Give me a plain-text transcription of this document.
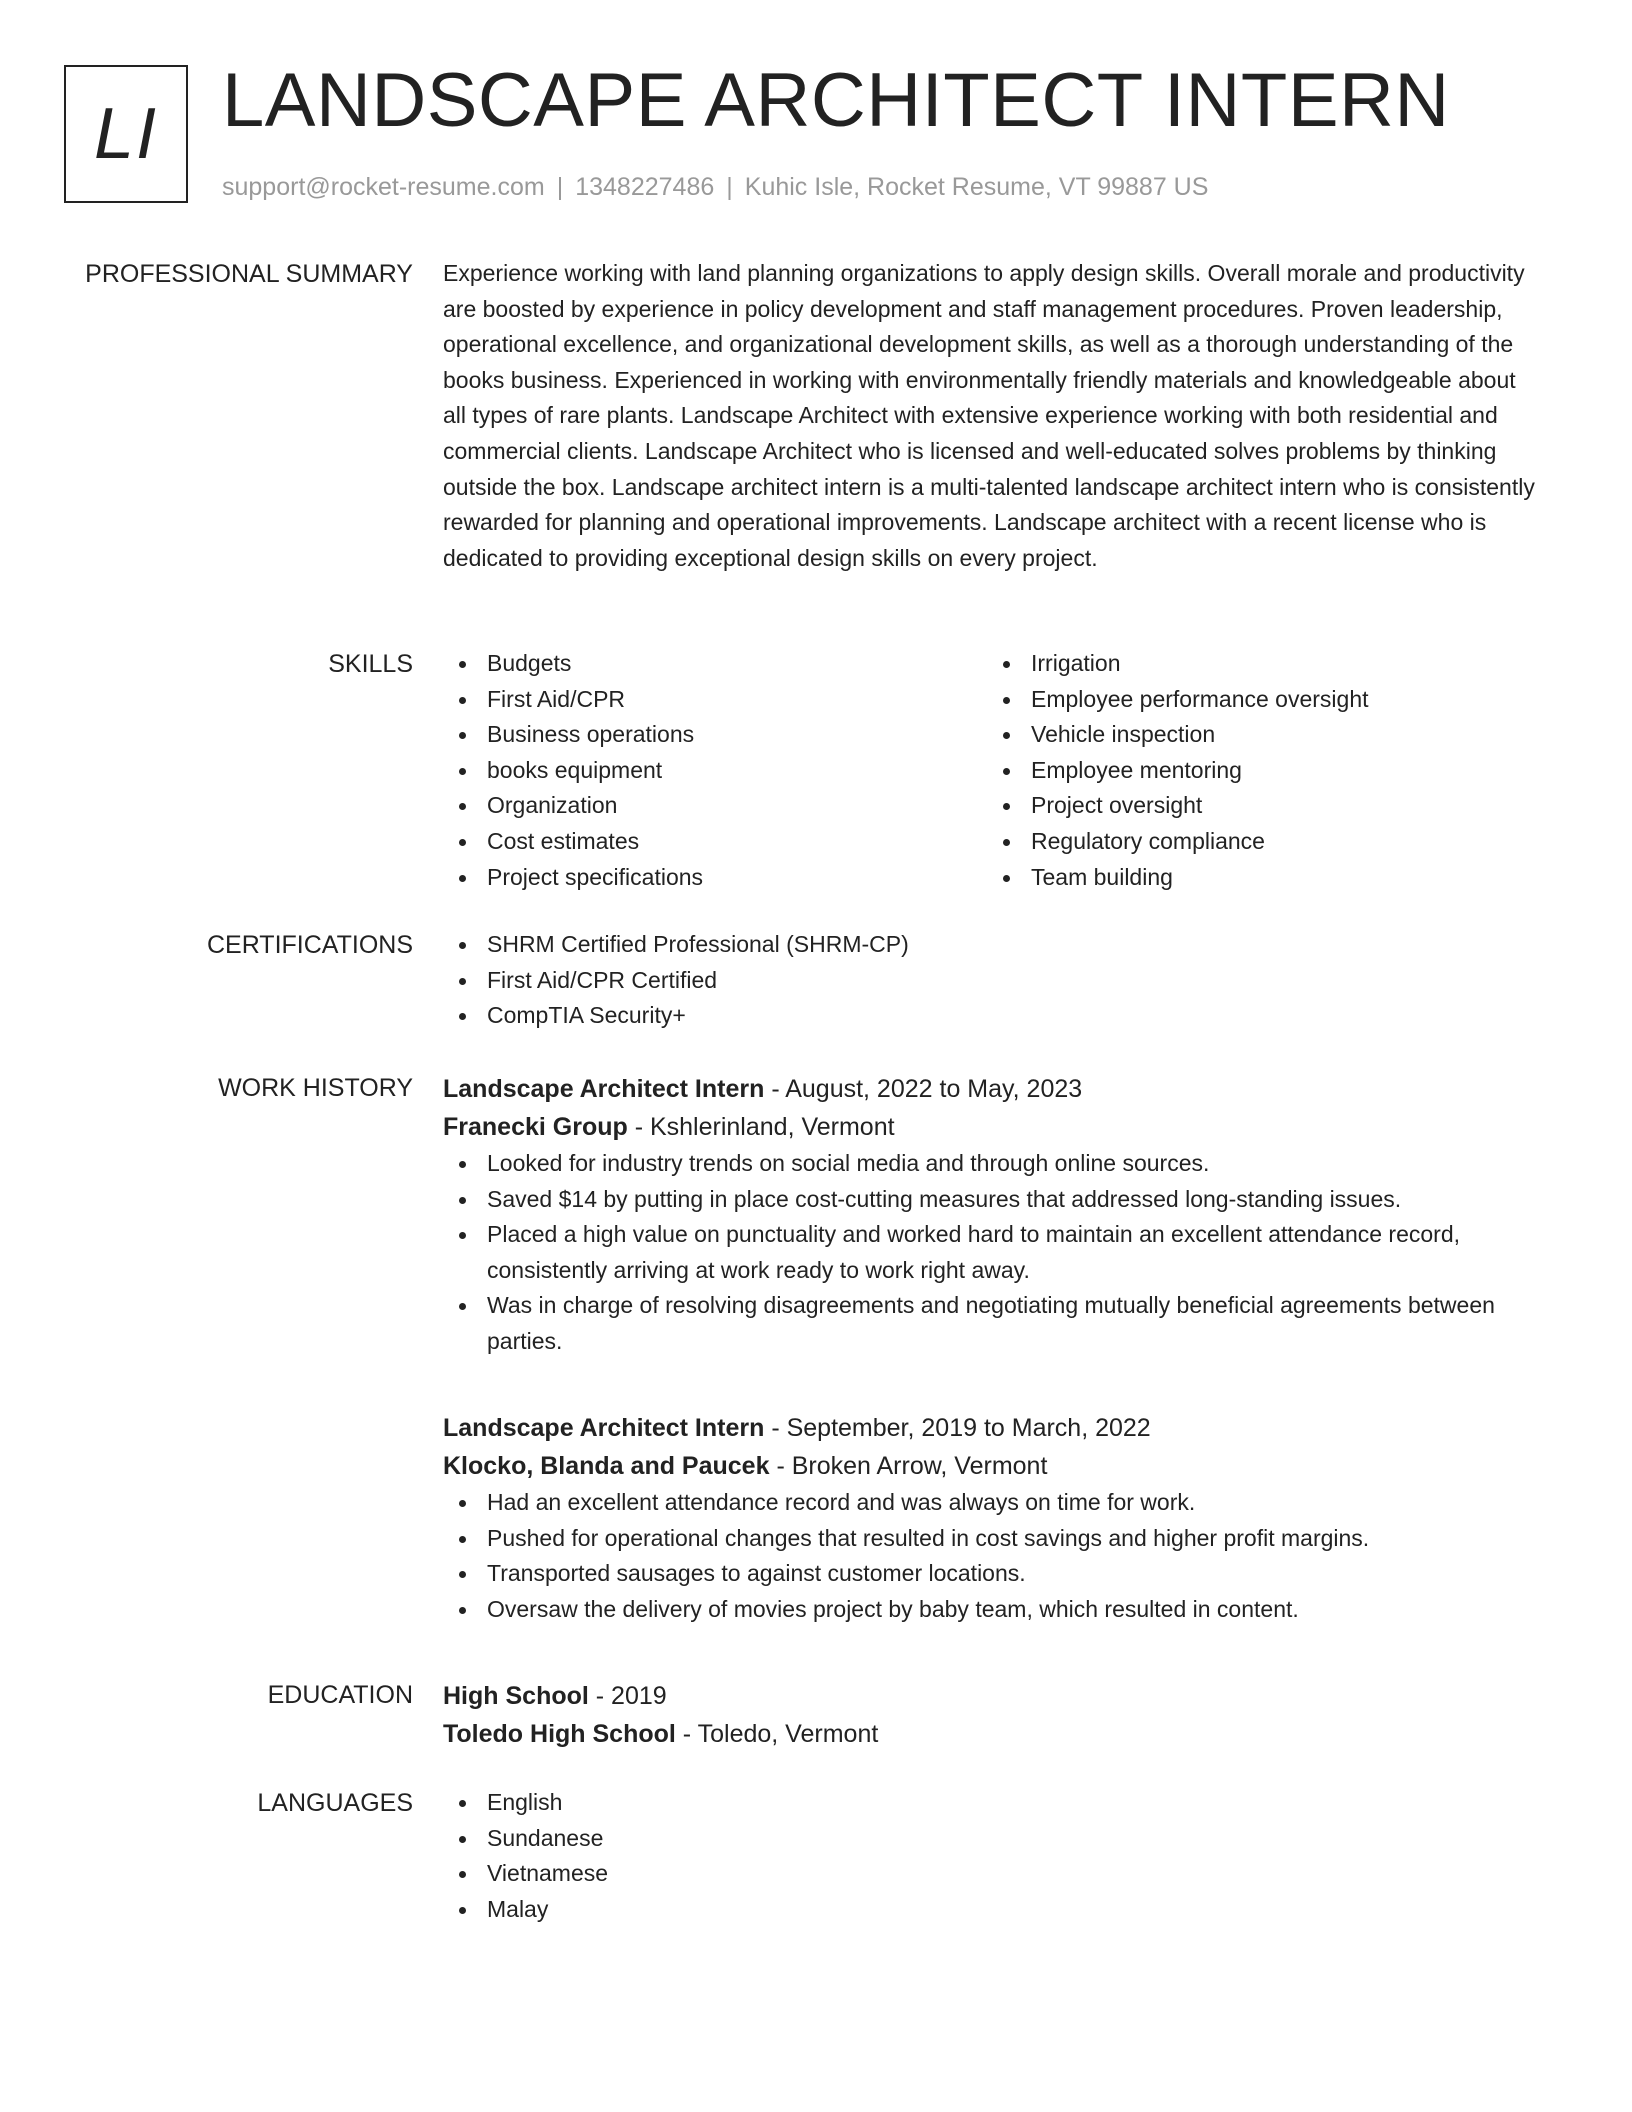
LI LANDSCAPE ARCHITECT INTERN
support@rocket-resume.com | 1348227486 | Kuhic Isle, Rocket Resume, VT 99887 US
PROFESSIONAL SUMMARY Experience working with land planning organizations to apply design skills. Overall morale and productivity are boosted by experience in policy development and staff management procedures. Proven leadership, operational excellence, and organizational development skills, as well as a thorough understanding of the books business. Experienced in working with environmentally friendly materials and knowledgeable about all types of rare plants. Landscape Architect with extensive experience working with both residential and commercial clients. Landscape Architect who is licensed and well-educated solves problems by thinking outside the box. Landscape architect intern is a multi-talented landscape architect intern who is consistently rewarded for planning and operational improvements. Landscape architect with a recent license who is dedicated to providing exceptional design skills on every project.

SKILLS	Budgets
First Aid/CPR
Business operations
books equipment
Organization
Cost estimates
Project specifications
Irrigation
Employee performance oversight
Vehicle inspection
Employee mentoring
Project oversight
Regulatory compliance
Team building
CERTIFICATIONS	SHRM Certified Professional (SHRM-CP)
First Aid/CPR Certified
CompTIA Security+
WORK HISTORY Landscape Architect Intern - August, 2022 to May, 2023
Franecki Group - Kshlerinland, Vermont
Looked for industry trends on social media and through online sources.
Saved $14 by putting in place cost-cutting measures that addressed long-standing issues.
Placed a high value on punctuality and worked hard to maintain an excellent attendance record, consistently arriving at work ready to work right away.
Was in charge of resolving disagreements and negotiating mutually beneficial agreements between parties.
Landscape Architect Intern - September, 2019 to March, 2022
Klocko, Blanda and Paucek - Broken Arrow, Vermont
Had an excellent attendance record and was always on time for work.
Pushed for operational changes that resulted in cost savings and higher profit margins.
Transported sausages to against customer locations.
Oversaw the delivery of movies project by baby team, which resulted in content.
EDUCATION High School - 2019
Toledo High School - Toledo, Vermont
LANGUAGES	English
Sundanese
Vietnamese
Malay
